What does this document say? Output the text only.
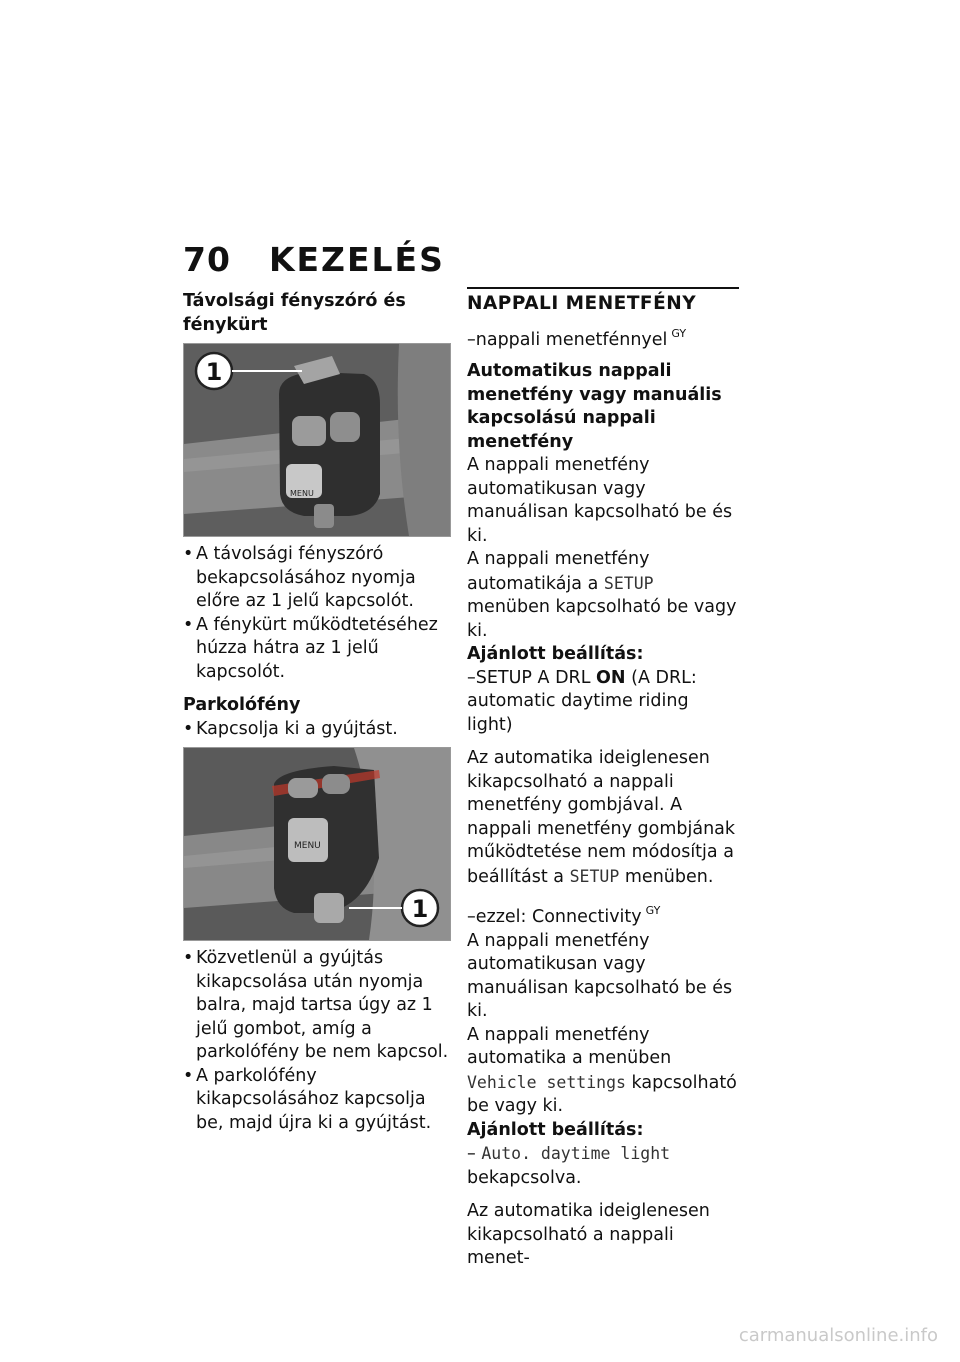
70 KEZELÉS

Távolsági fényszóró és fénykürt

MENU
1

• A távolsági fényszóró bekapcsolásához nyomja előre az 1 jelű kapcsolót.

• A fénykürt működtetéséhez húzza hátra az 1 jelű kapcsolót.

Parkolófény

• Kapcsolja ki a gyújtást.

MENU
1

• Közvetlenül a gyújtás kikapcsolása után nyomja balra, majd tartsa úgy az 1 jelű gombot, amíg a parkolófény be nem kapcsol.

• A parkolófény kikapcsolásához kapcsolja be, majd újra ki a gyújtást.

NAPPALI MENETFÉNY

–nappali menetfénnyel $^{GY}$

Automatikus nappali menetfény vagy manuális kapcsolású nappali menetfény

A nappali menetfény automatikusan vagy manuálisan kapcsolható be és ki.

A nappali menetfény automatikája a SETUP menüben kapcsolható be vagy ki.

Ajánlott beállítás:

–SETUP A DRL ON (A DRL: automatic daytime riding light)

Az automatika ideiglenesen kikapcsolható a nappali menetfény gombjával. A nappali menetfény gombjának működtetése nem módosítja a beállítást a SETUP menüben.

–ezzel: Connectivity $^{GY}$

A nappali menetfény automatikusan vagy manuálisan kapcsolható be és ki.

A nappali menetfény automatika a menüben Vehicle settings kapcsolható be vagy ki.

Ajánlott beállítás:

– Auto. daytime light bekapcsolva.

Az automatika ideiglenesen kikapcsolható a nappali menet-

carmanualsonline.info
